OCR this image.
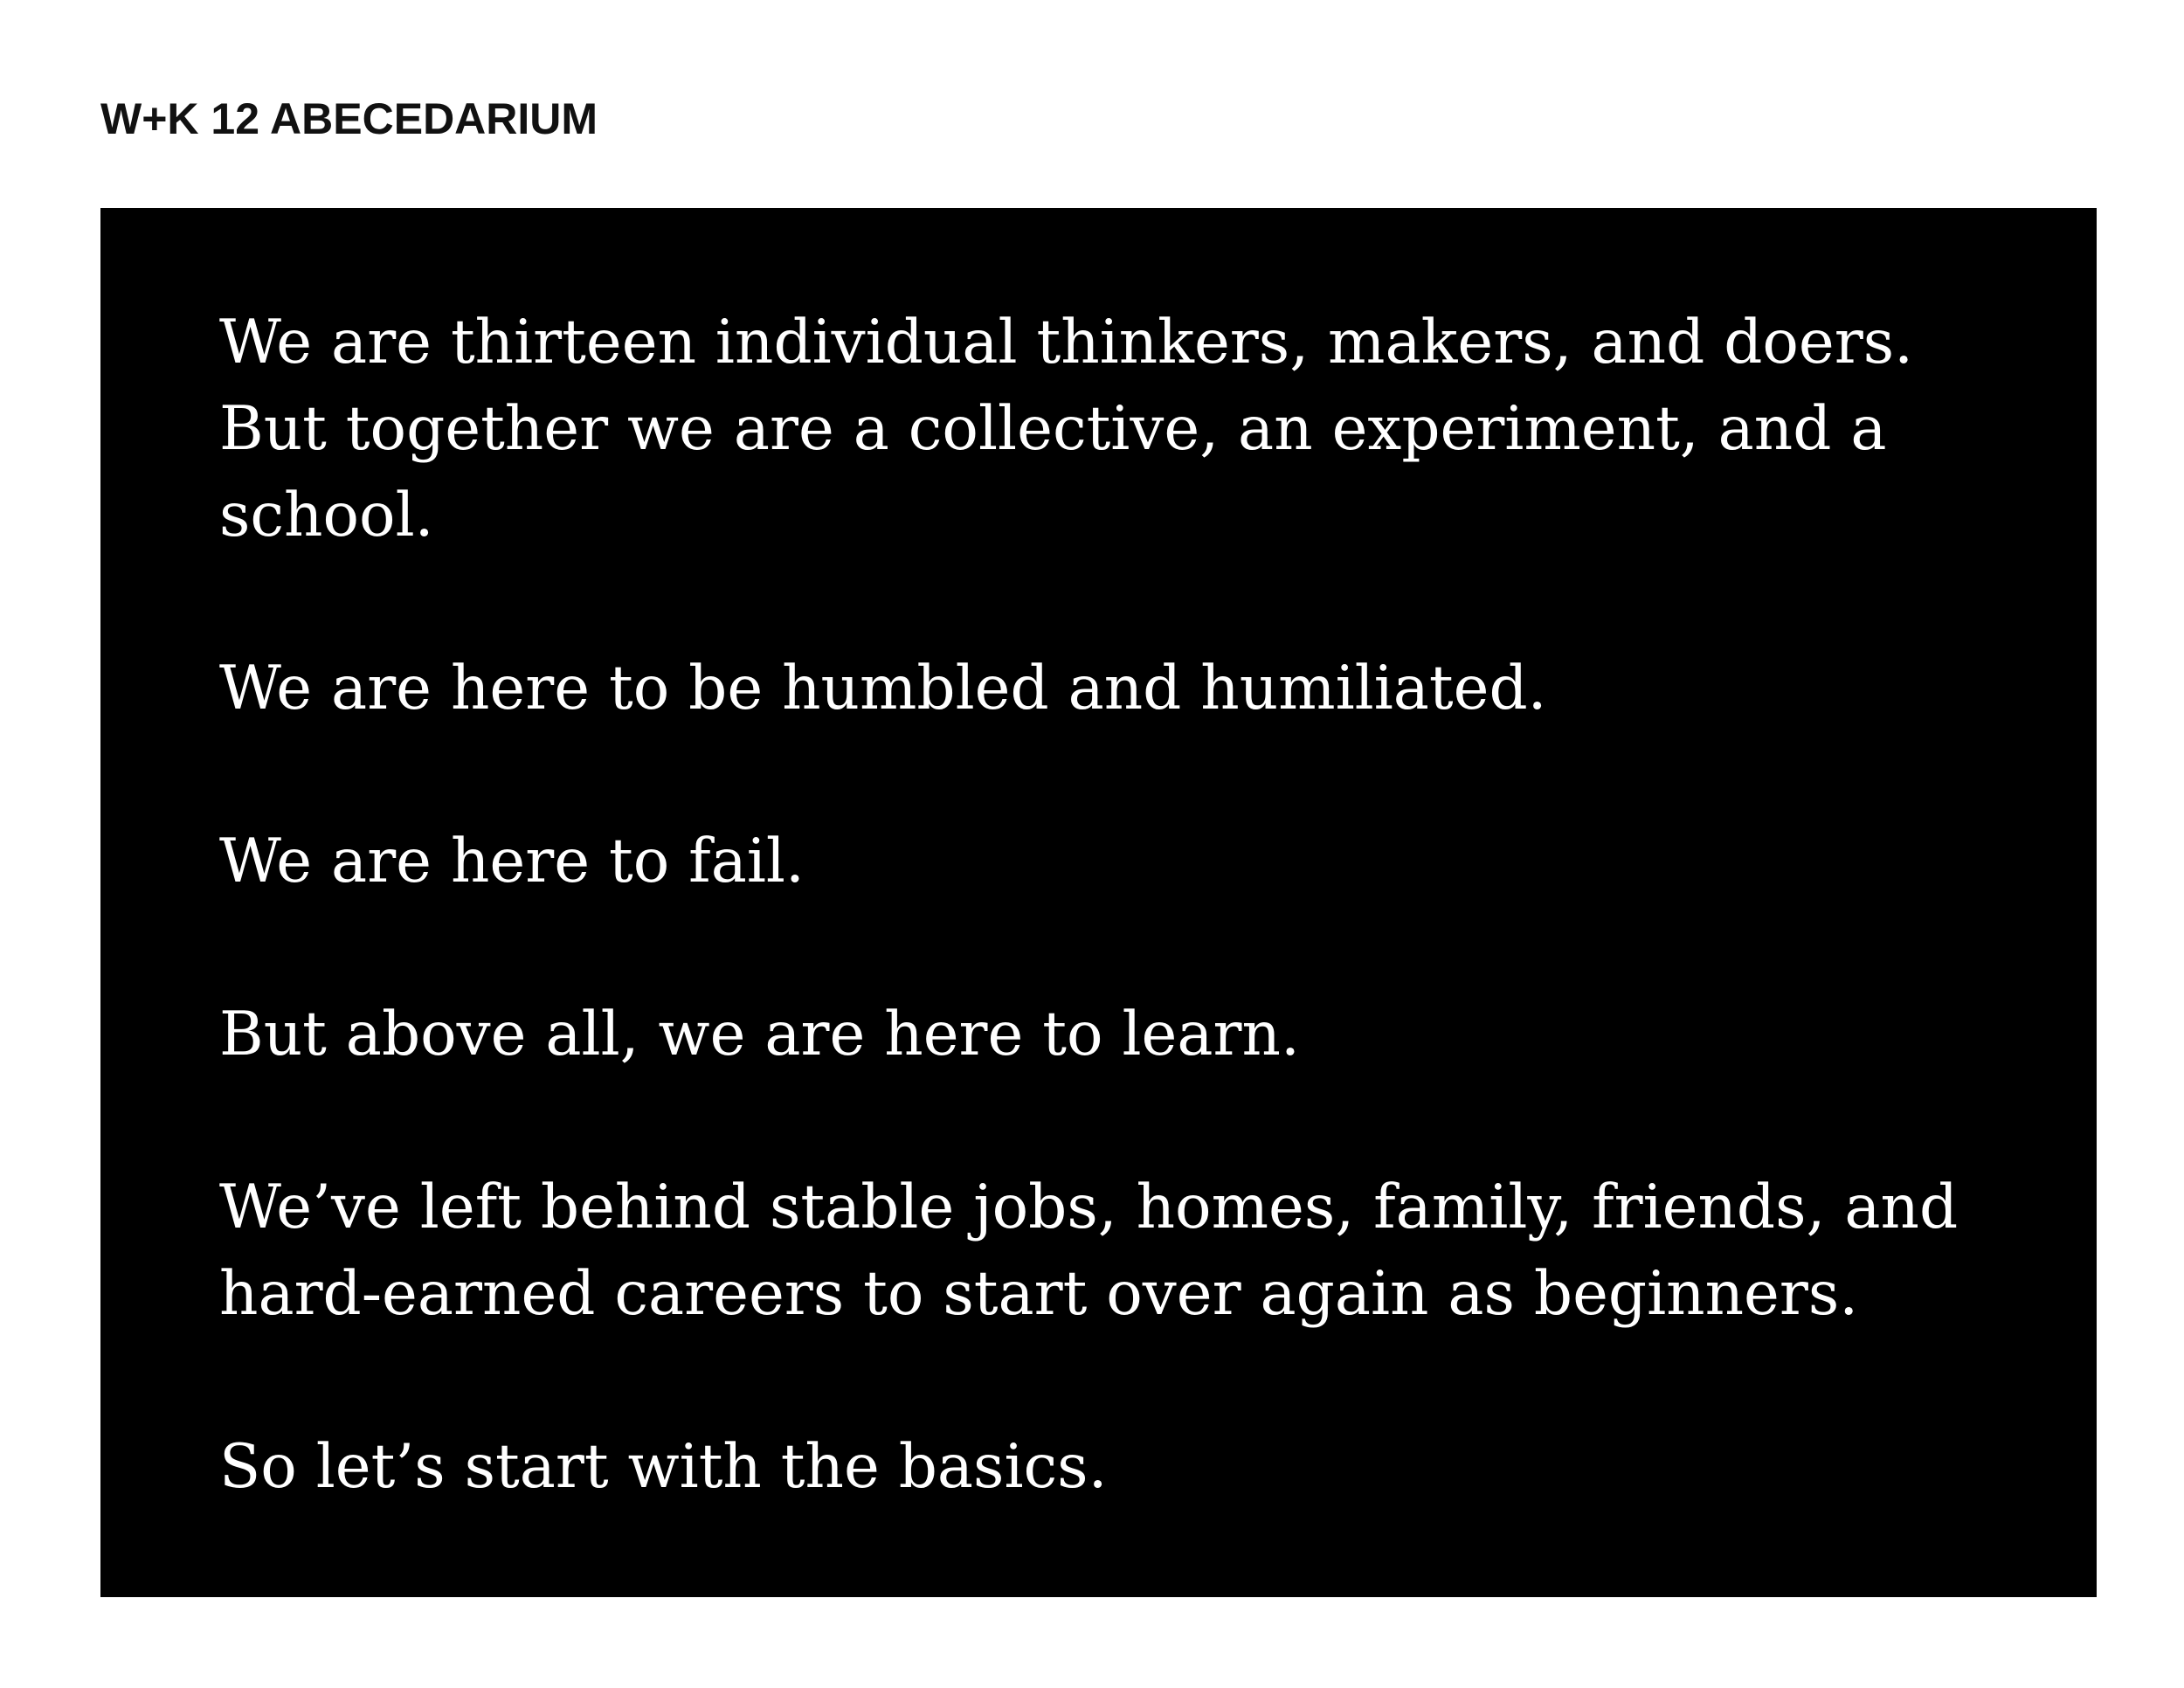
W+K 12 ABECEDARIUM

We are thirteen individual thinkers, makers, and doers. But together we are a collective, an experiment, and a school.

We are here to be humbled and humiliated.

We are here to fail.

But above all, we are here to learn.

We’ve left behind stable jobs, homes, family, friends, and hard-earned careers to start over again as beginners.

So let’s start with the basics.
